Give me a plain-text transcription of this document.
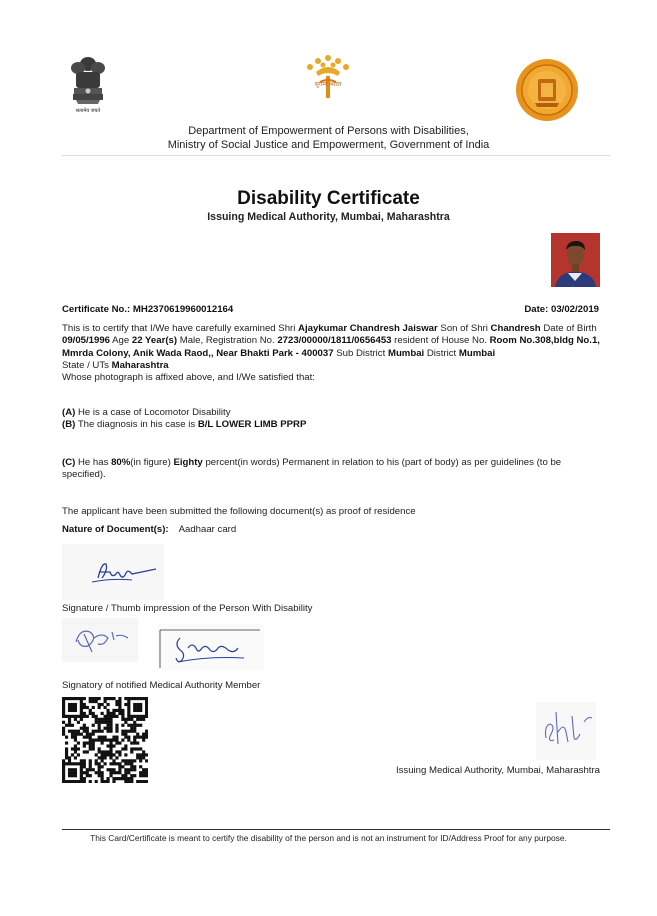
सत्यमेव जयते
सुगम्य भारत
Department of Empowerment of Persons with Disabilities,
Ministry of Social Justice and Empowerment, Government of India
Disability Certificate
Issuing Medical Authority, Mumbai, Maharashtra
Certificate No.: MH2370619960012164	Date: 03/02/2019
This is to certify that I/We have carefully examined Shri Ajaykumar Chandresh Jaiswar Son of Shri Chandresh Date of Birth 09/05/1996 Age 22 Year(s) Male, Registration No. 2723/00000/1811/0656453 resident of House No. Room No.308,bldg No.1, Mmrda Colony, Anik Wada Raod,, Near Bhakti Park - 400037 Sub District Mumbai District Mumbai
State / UTs Maharashtra
Whose photograph is affixed above, and I/We satisfied that:
(A) He is a case of Locomotor Disability
(B) The diagnosis in his case is B/L LOWER LIMB PPRP
(C) He has 80%(in figure) Eighty percent(in words) Permanent in relation to his (part of body) as per guidelines (to be specified).
The applicant have been submitted the following document(s) as proof of residence
Nature of Document(s): Aadhaar card
Signature / Thumb impression of the Person With Disability
Signatory of notified Medical Authority Member
Issuing Medical Authority, Mumbai, Maharashtra
This Card/Certificate is meant to certify the disability of the person and is not an instrument for ID/Address Proof for any purpose.
